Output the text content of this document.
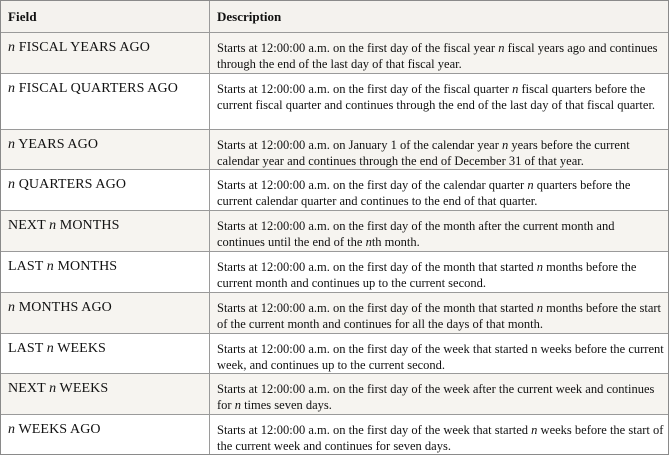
Field	Description
n FISCAL YEARS AGO	Starts at 12:00:00 a.m. on the first day of the fiscal year n fiscal years ago and continues through the end of the last day of that fiscal year.
n FISCAL QUARTERS AGO	Starts at 12:00:00 a.m. on the first day of the fiscal quarter n fiscal quarters before the current fiscal quarter and continues through the end of the last day of that fiscal quarter.
n YEARS AGO	Starts at 12:00:00 a.m. on January 1 of the calendar year n years before the current calendar year and continues through the end of December 31 of that year.
n QUARTERS AGO	Starts at 12:00:00 a.m. on the first day of the calendar quarter n quarters before the current calendar quarter and continues to the end of that quarter.
NEXT n MONTHS	Starts at 12:00:00 a.m. on the first day of the month after the current month and continues until the end of the nth month.
LAST n MONTHS	Starts at 12:00:00 a.m. on the first day of the month that started n months before the current month and continues up to the current second.
n MONTHS AGO	Starts at 12:00:00 a.m. on the first day of the month that started n months before the start of the current month and continues for all the days of that month.
LAST n WEEKS	Starts at 12:00:00 a.m. on the first day of the week that started n weeks before the current week, and continues up to the current second.
NEXT n WEEKS	Starts at 12:00:00 a.m. on the first day of the week after the current week and continues for n times seven days.
n WEEKS AGO	Starts at 12:00:00 a.m. on the first day of the week that started n weeks before the start of the current week and continues for seven days.
